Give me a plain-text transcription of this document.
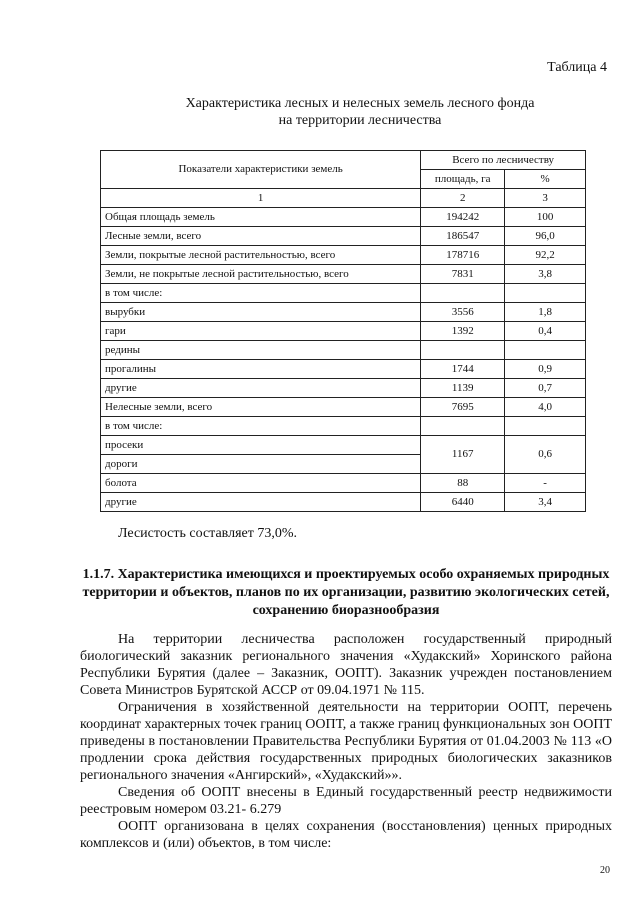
Таблица 4
Характеристика лесных и нелесных земель лесного фонда
на территории лесничества
Показатели характеристики земель	Всего по лесничеству	
	площадь, га	%
1	2	3
Общая площадь земель	194242	100
Лесные земли, всего	186547	96,0
Земли, покрытые лесной растительностью, всего	178716	92,2
Земли, не покрытые лесной растительностью, всего	7831	3,8
в том числе:		
вырубки	3556	1,8
гари	1392	0,4
редины		
прогалины	1744	0,9
другие	1139	0,7
Нелесные земли, всего	7695	4,0
в том числе:		
просеки	1167	0,6
дороги		
болота	88	-
другие	6440	3,4
Лесистость составляет 73,0%.
1.1.7. Характеристика имеющихся и проектируемых особо охраняемых природных территории и объектов, планов по их организации, развитию экологических сетей, сохранению биоразнообразия

На территории лесничества расположен государственный природный биологический заказник регионального значения «Худакский» Хоринского района Республики Бурятия (далее – Заказник, ООПТ). Заказник учрежден постановлением Совета Министров Бурятской АССР от 09.04.1971 № 115.

Ограничения в хозяйственной деятельности на территории ООПТ, перечень координат характерных точек границ ООПТ, а также границ функциональных зон ООПТ приведены в постановлении Правительства Республики Бурятия от 01.04.2003 № 113 «О продлении срока действия государственных природных биологических заказников регионального значения «Ангирский», «Худакский»».

Сведения об ООПТ внесены в Единый государственный реестр недвижимости реестровым номером 03.21- 6.279

ООПТ организована в целях сохранения (восстановления) ценных природных комплексов и (или) объектов, в том числе:

20
